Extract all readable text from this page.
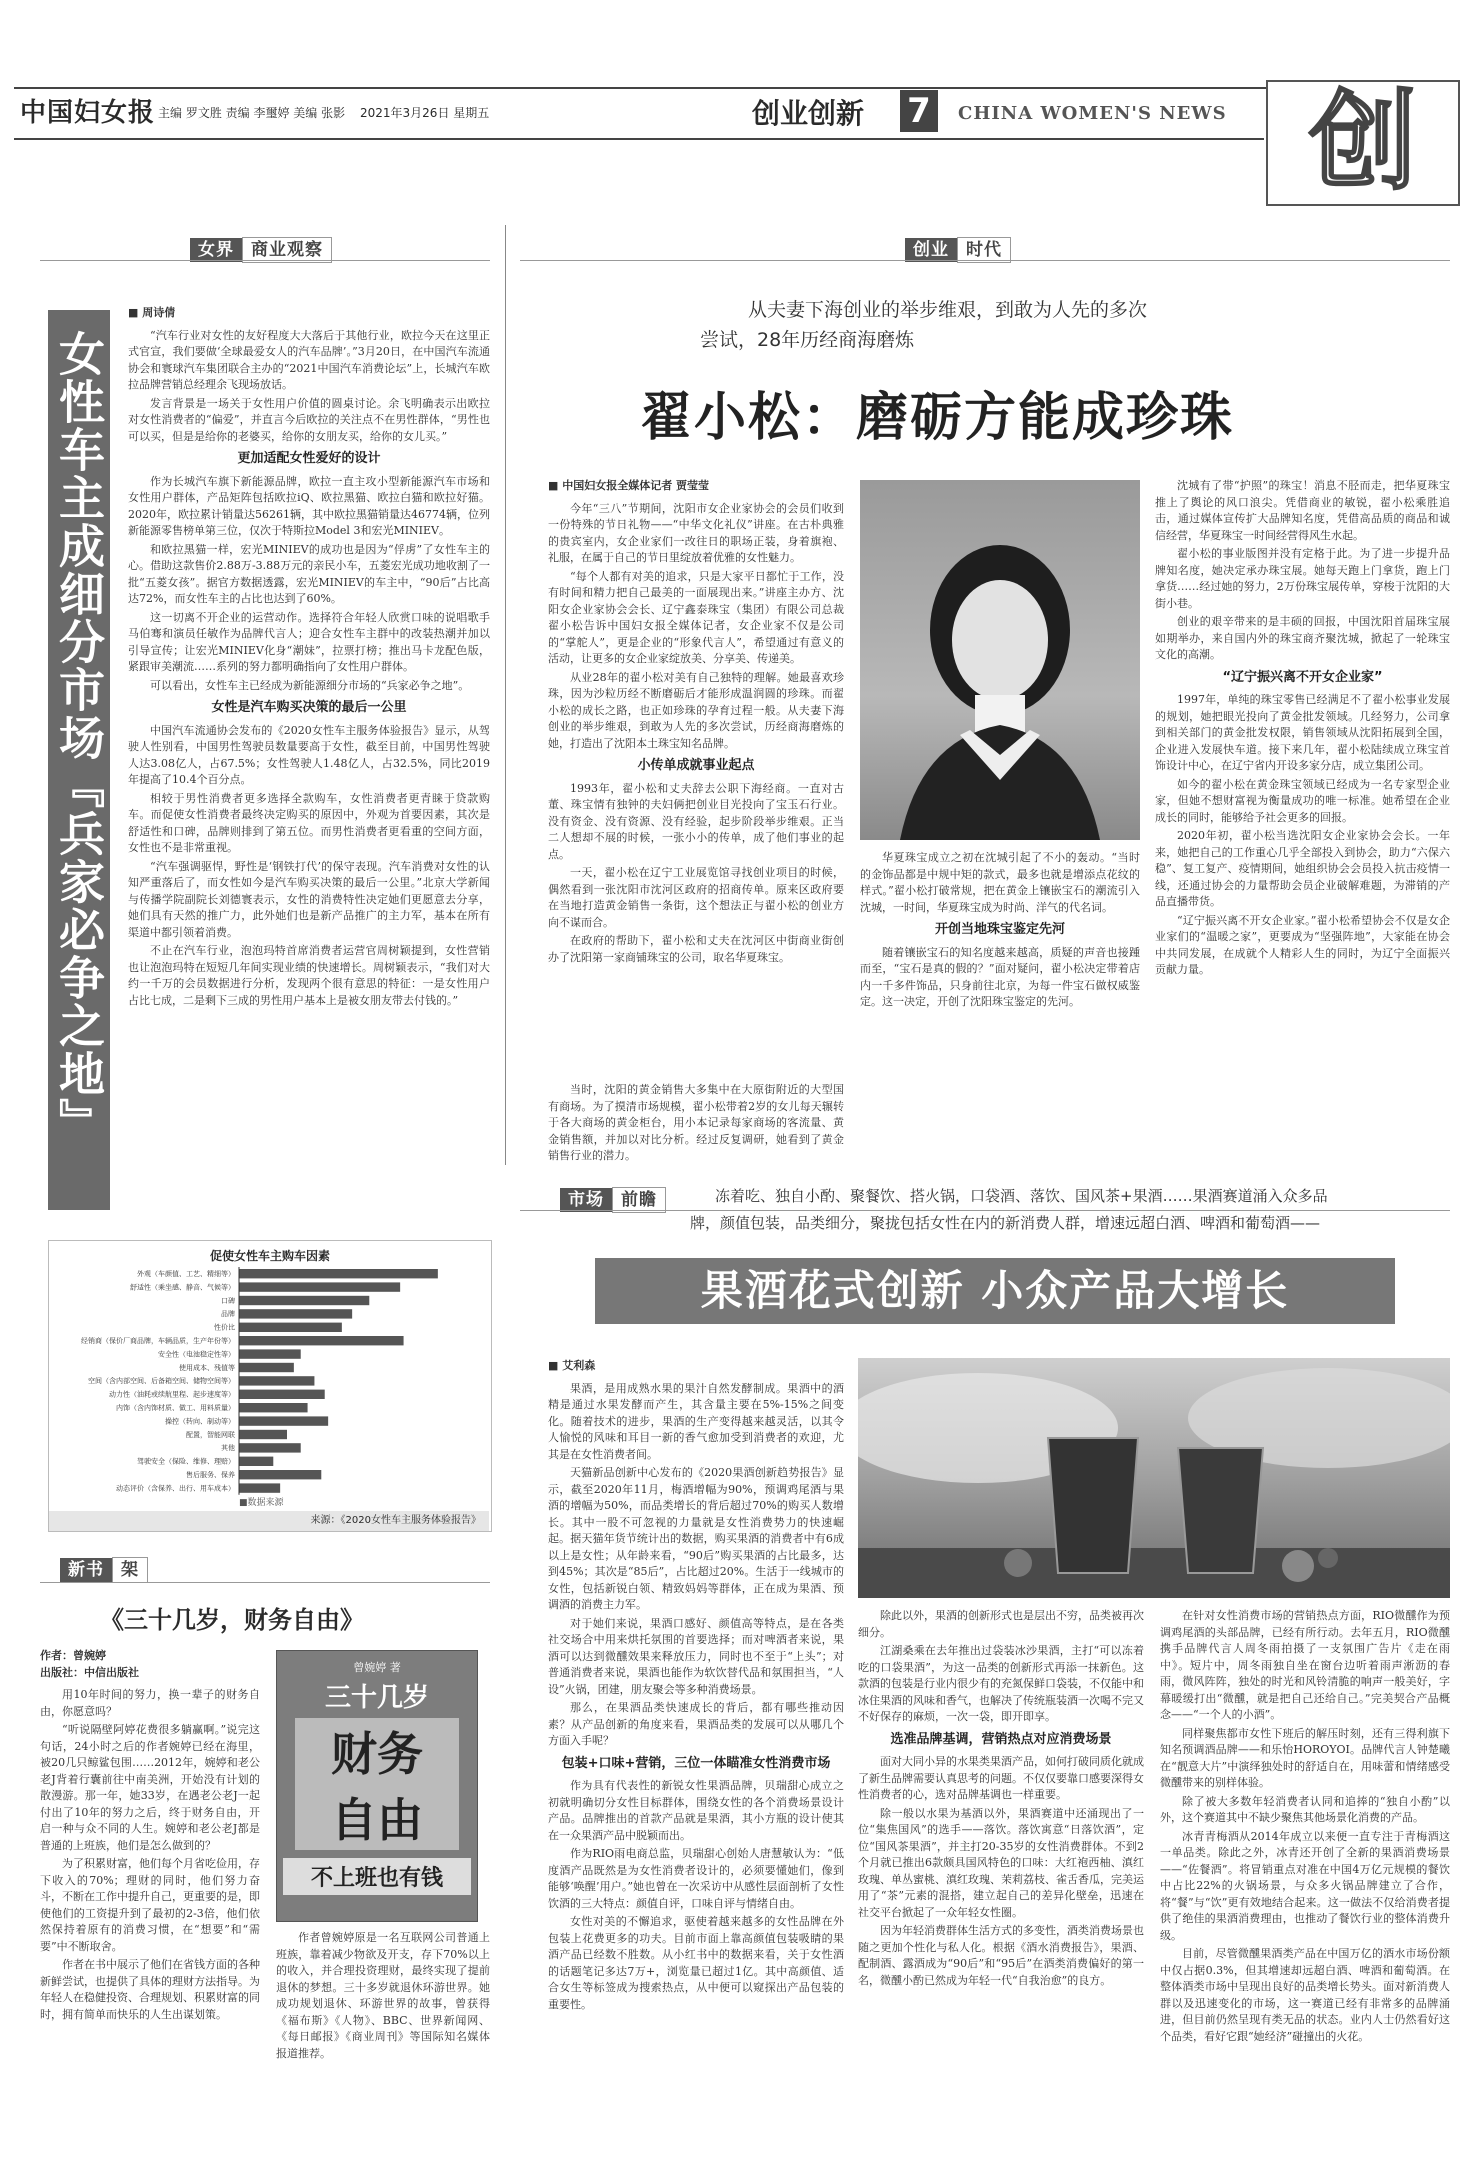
中国妇女报 主编 罗文胜 责编 李璽婷 美编 张影 2021年3月26日 星期五	创业创新 7	CHINA WOMEN'S NEWS 创
女界 商业观察
女性车主成细分市场『兵家必争之地』
■ 周诗倩

“汽车行业对女性的友好程度大大落后于其他行业，欧拉今天在这里正式官宣，我们要做‘全球最爱女人的汽车品牌’。”3月20日，在中国汽车流通协会和寰球汽车集团联合主办的“2021中国汽车消费论坛”上，长城汽车欧拉品牌营销总经理余飞现场放话。

发言背景是一场关于女性用户价值的圆桌讨论。余飞明确表示出欧拉对女性消费者的“偏爱”，并直言今后欧拉的关注点不在男性群体，“男性也可以买，但是是给你的老婆买，给你的女朋友买，给你的女儿买。”

更加适配女性爱好的设计

作为长城汽车旗下新能源品牌，欧拉一直主攻小型新能源汽车市场和女性用户群体，产品矩阵包括欧拉iQ、欧拉黑猫、欧拉白猫和欧拉好猫。2020年，欧拉累计销量达56261辆，其中欧拉黑猫销量达46774辆，位列新能源零售榜单第三位，仅次于特斯拉Model 3和宏光MINIEV。

和欧拉黑猫一样，宏光MINIEV的成功也是因为“俘虏”了女性车主的心。借助这款售价2.88万-3.88万元的亲民小车，五菱宏光成功地收割了一批“五菱女孩”。据官方数据透露，宏光MINIEV的车主中，“90后”占比高达72%，而女性车主的占比也达到了60%。

这一切离不开企业的运营动作。选择符合年轻人欣赏口味的说唱歌手马伯骞和演员任敏作为品牌代言人；迎合女性车主群中的改装热潮并加以引导宣传；让宏光MINIEV化身“潮妹”，拉票打榜；推出马卡龙配色版，紧跟审美潮流……系列的努力都明确指向了女性用户群体。

可以看出，女性车主已经成为新能源细分市场的“兵家必争之地”。

女性是汽车购买决策的最后一公里

中国汽车流通协会发布的《2020女性车主服务体验报告》显示，从驾驶人性别看，中国男性驾驶员数量要高于女性，截至目前，中国男性驾驶人达3.08亿人，占67.5%；女性驾驶人1.48亿人，占32.5%，同比2019年提高了10.4个百分点。

相较于男性消费者更多选择全款购车，女性消费者更青睐于贷款购车。而促使女性消费者最终决定购买的原因中，外观为首要因素，其次是舒适性和口碑，品牌则排到了第五位。而男性消费者更看重的空间方面，女性也不是非常重视。

“汽车强调驱悍，野性是‘钢铁打代’的保守表现。汽车消费对女性的认知严重落后了，而女性如今是汽车购买决策的最后一公里。”北京大学新闻与传播学院副院长刘德寰表示，女性的消费特性决定她们更愿意去分享，她们具有天然的推广力，此外她们也是新产品推广的主力军，基本在所有渠道中都引领着消费。

不止在汽车行业，泡泡玛特首席消费者运营官周树颖提到，女性营销也让泡泡玛特在短短几年间实现业绩的快速增长。周树颖表示，“我们对大约一千万的会员数据进行分析，发现两个很有意思的特征：一是女性用户占比七成，二是剩下三成的男性用户基本上是被女朋友带去付钱的。”

促使女性车主购车因素
外观（车颜值、工艺、精细等）
舒适性（乘坐感、静音、气候等）
口碑
品牌
性价比
经销商（保价厂商品牌，车辆品质，生产年份等）
安全性（电池稳定性等）
使用成本、残值等
空间（含内部空间、后备箱空间、储物空间等）
动力性（油耗或续航里程、起步速度等）
内饰（含内饰材质、做工、用料质量）
操控（转向、制动等）
配置，智能网联
其他
驾驶安全（保险、维修、理赔）
售后服务、保养
动态评价（含保养、出行、用车成本）
■数据来源
来源：《2020女性车主服务体验报告》
新书 架
《三十几岁，财务自由》
作者：曾婉婷
出版社：中信出版社

用10年时间的努力，换一辈子的财务自由，你愿意吗？

“听说隔壁阿婷花费很多躺赢啊。”说完这句话，24小时之后的作者婉婷已经在海里，被20几只鲸鲨包围……2012年，婉婷和老公老J背着行囊前往中南美洲，开始没有计划的散漫游。那一年，她33岁，在遇老公老J一起付出了10年的努力之后，终于财务自由，开启一种与众不同的人生。婉婷和老公老J都是普通的上班族，他们是怎么做到的？

为了积累财富，他们每个月省吃俭用，存下收入的70%；理财的同时，他们努力奋斗，不断在工作中提升自己，更重要的是，即使他们的工资提升到了最初的2-3倍，他们依然保持着原有的消费习惯，在“想要”和“需要”中不断取舍。

作者在书中展示了他们在省钱方面的各种新鲜尝试，也提供了具体的理财方法指导。为年轻人在稳健投资、合理规划、积累财富的同时，拥有简单而快乐的人生出谋划策。

曾婉婷 著
三十几岁
财务
自由
不上班也有钱

作者曾婉婷原是一名互联网公司普通上班族，靠着减少物欲及开支，存下70%以上的收入，并合理投资理财，最终实现了提前退休的梦想。三十多岁就退休环游世界。她成功规划退休、环游世界的故事，曾获得《福布斯》《人物》、BBC、世界新闻网、《每日邮报》《商业周刊》等国际知名媒体报道推荐。

创业 时代
从夫妻下海创业的举步维艰，到敢为人先的多次
尝试，28年历经商海磨炼
翟小松：磨砺方能成珍珠
■ 中国妇女报全媒体记者 贾莹莹

今年“三八”节期间，沈阳市女企业家协会的会员们收到一份特殊的节日礼物——“中华文化礼仪”讲座。在古朴典雅的贵宾室内，女企业家们一改往日的职场正装，身着旗袍、礼服，在属于自己的节日里绽放着优雅的女性魅力。

“每个人都有对美的追求，只是大家平日都忙于工作，没有时间和精力把自己最美的一面展现出来。”讲座主办方、沈阳女企业家协会会长、辽宁鑫泰珠宝（集团）有限公司总裁翟小松告诉中国妇女报全媒体记者，女企业家不仅是公司的“掌舵人”，更是企业的“形象代言人”，希望通过有意义的活动，让更多的女企业家绽放美、分享美、传递美。

从业28年的翟小松对美有自己独特的理解。她最喜欢珍珠，因为沙粒历经不断磨砺后才能形成温润圆的珍珠。而翟小松的成长之路，也正如珍珠的孕育过程一般。从夫妻下海创业的举步维艰，到敢为人先的多次尝试，历经商海磨炼的她，打造出了沈阳本土珠宝知名品牌。

小传单成就事业起点

1993年，翟小松和丈夫辞去公职下海经商。一直对古董、珠宝情有独钟的夫妇俩把创业目光投向了宝玉石行业。没有资金、没有资源、没有经验，起步阶段举步维艰。正当二人想却不展的时候，一张小小的传单，成了他们事业的起点。

一天，翟小松在辽宁工业展览馆寻找创业项目的时候，偶然看到一张沈阳市沈河区政府的招商传单。原来区政府要在当地打造黄金销售一条街，这个想法正与翟小松的创业方向不谋而合。

在政府的帮助下，翟小松和丈夫在沈河区中街商业街创办了沈阳第一家商铺珠宝的公司，取名华夏珠宝。

当时，沈阳的黄金销售大多集中在大原街附近的大型国有商场。为了摸清市场规模，翟小松带着2岁的女儿每天辗转于各大商场的黄金柜台，用小本记录每家商场的客流量、黄金销售额，并加以对比分析。经过反复调研，她看到了黄金销售行业的潜力。

华夏珠宝成立之初在沈城引起了不小的轰动。“当时的金饰品都是中规中矩的款式，最多也就是增添点花纹的样式。”翟小松打破常规，把在黄金上镶嵌宝石的潮流引入沈城，一时间，华夏珠宝成为时尚、洋气的代名词。

开创当地珠宝鉴定先河

随着镶嵌宝石的知名度越来越高，质疑的声音也接踵而至，“宝石是真的假的？”面对疑问，翟小松决定带着店内一千多件饰品，只身前往北京，为每一件宝石做权威鉴定。这一决定，开创了沈阳珠宝鉴定的先河。

沈城有了带“护照”的珠宝！消息不胫而走，把华夏珠宝推上了舆论的风口浪尖。凭借商业的敏锐，翟小松乘胜追击，通过媒体宣传扩大品牌知名度，凭借高品质的商品和诚信经营，华夏珠宝一时间经营得风生水起。

翟小松的事业版图并没有定格于此。为了进一步提升品牌知名度，她决定承办珠宝展。她每天跑上门拿货，跑上门拿货……经过她的努力，2万份珠宝展传单，穿梭于沈阳的大街小巷。

创业的艰辛带来的是丰硕的回报，中国沈阳首届珠宝展如期举办，来自国内外的珠宝商齐聚沈城，掀起了一轮珠宝文化的高潮。

“辽宁振兴离不开女企业家”

1997年，单纯的珠宝零售已经满足不了翟小松事业发展的规划，她把眼光投向了黄金批发领域。几经努力，公司拿到相关部门的黄金批发权限，销售领域从沈阳拓展到全国，企业进入发展快车道。接下来几年，翟小松陆续成立珠宝首饰设计中心，在辽宁省内开设多家分店，成立集团公司。

如今的翟小松在黄金珠宝领域已经成为一名专家型企业家，但她不想财富视为衡量成功的唯一标准。她希望在企业成长的同时，能够给予社会更多的回报。

2020年初，翟小松当选沈阳女企业家协会会长。一年来，她把自己的工作重心几乎全部投入到协会，助力“六保六稳”、复工复产、疫情期间，她组织协会会员投入抗击疫情一线，还通过协会的力量帮助会员企业破解难题，为滞销的产品直播带货。

“辽宁振兴离不开女企业家。”翟小松希望协会不仅是女企业家们的“温暖之家”，更要成为“坚强阵地”，大家能在协会中共同发展，在成就个人精彩人生的同时，为辽宁全面振兴贡献力量。

市场 前瞻	冻着吃、独自小酌、聚餐饮、搭火锅，口袋酒、落饮、国风茶+果酒……果酒赛道涌入众多品
牌，颜值包装，品类细分，聚拢包括女性在内的新消费人群，增速远超白酒、啤酒和葡萄酒——
果酒花式创新 小众产品大增长
■ 艾利森

果酒，是用成熟水果的果汁自然发酵制成。果酒中的酒精是通过水果发酵而产生，其含量主要在5%-15%之间变化。随着技术的进步，果酒的生产变得越来越灵活，以其令人愉悦的风味和耳目一新的香气愈加受到消费者的欢迎，尤其是在女性消费者间。

天猫新品创新中心发布的《2020果酒创新趋势报告》显示，截至2020年11月，梅酒增幅为90%，预调鸡尾酒与果酒的增幅为50%，而品类增长的背后超过70%的购买人数增长。其中一股不可忽视的力量就是女性消费势力的快速崛起。据天猫年货节统计出的数据，购买果酒的消费者中有6成以上是女性；从年龄来看，“90后”购买果酒的占比最多，达到45%；其次是“85后”，占比超过20%。生活于一线城市的女性，包括新锐白领、精致妈妈等群体，正在成为果酒、预调酒的消费主力军。

对于她们来说，果酒口感好、颜值高等特点，是在各类社交场合中用来烘托氛围的首要选择；而对啤酒者来说，果酒可以达到微醺效果来释放压力，同时也不至于“上头”；对普通消费者来说，果酒也能作为软饮替代品和氛围担当，“人设”火锅，团建，朋友聚会等多种消费场景。

那么，在果酒品类快速成长的背后，都有哪些推动因素？从产品创新的角度来看，果酒品类的发展可以从哪几个方面入手呢？

包装+口味+营销，三位一体瞄准女性消费市场

作为具有代表性的新锐女性果酒品牌，贝瑞甜心成立之初就明确切分女性目标群体，围绕女性的各个消费场景设计产品。品牌推出的首款产品就是果酒，其小方瓶的设计使其在一众果酒产品中脱颖而出。

作为RIO雨电商总监，贝瑞甜心创始人唐慧敏认为：“低度酒产品既然是为女性消费者设计的，必须要懂她们，像到能够‘唤醒’用户。”她也曾在一次采访中从感性层面剖析了女性饮酒的三大特点：颜值自评，口味自评与情绪自由。

女性对美的不懈追求，驱使着越来越多的女性品牌在外包装上花费更多的功夫。目前市面上靠高颜值包装吸睛的果酒产品已经数不胜数。从小红书中的数据来看，关于女性酒的话题笔记多达7万+，浏览量已超过1亿。其中高颜值、适合女生等标签成为搜索热点，从中便可以窥探出产品包装的重要性。

除此以外，果酒的创新形式也是层出不穷，品类被再次细分。

江湖桑乘在去年推出过袋装冰沙果酒，主打“可以冻着吃的口袋果酒”，为这一品类的创新形式再添一抹新色。这款酒的包装是行业内很少有的充氮保鲜口袋装，不仅能中和冰住果酒的风味和香气，也解决了传统瓶装酒一次喝不完又不好保存的麻烦，一次一袋，即开即享。

选准品牌基调，营销热点对应消费场景

面对大同小异的水果类果酒产品，如何打破同质化就成了新生品牌需要认真思考的问题。不仅仅要靠口感要深得女性消费者的心，选对品牌基调也一样重要。

除一般以水果为基酒以外，果酒赛道中还涌现出了一位“集焦国风”的选手——落饮。落饮寓意“日落饮酒”，定位“国风茶果酒”，并主打20-35岁的女性消费群体。不到2个月就已推出6款颇具国风特色的口味：大红袍西柚、滇红玫瑰、单丛蜜桃、滇红玫瑰、茉莉荔枝、雀舌香瓜，完美运用了“茶”元素的混搭，建立起自己的差异化壁垒，迅速在社交平台掀起了一众年轻女性圈。

因为年轻消费群体生活方式的多变性，酒类消费场景也随之更加个性化与私人化。根据《酒水消费报告》，果酒、配制酒、露酒成为“90后”和“95后”在酒类消费偏好的第一名，微醺小酌已然成为年轻一代“自我治愈”的良方。

在针对女性消费市场的营销热点方面，RIO微醺作为预调鸡尾酒的头部品牌，已经有所行动。去年五月，RIO微醺携手品牌代言人周冬雨拍摄了一支氛围广告片《走在雨中》。短片中，周冬雨独自坐在窗台边听着雨声淅沥的春雨，微风阵阵，独处的时光和风铃清脆的响声一般美好，字幕暖缓打出“微醺，就是把自己还给自己。”完美契合产品概念——“一个人的小酒”。

同样聚焦都市女性下班后的解压时刻，还有三得利旗下知名预调酒品牌——和乐怡HOROYOI。品牌代言人钟楚曦在“靓意大片”中演绎独处时的舒适自在，用味蕾和情绪感受微醺带来的别样体验。

除了被大多数年轻消费者认同和追捧的“独自小酌”以外，这个赛道其中不缺少聚焦其他场景化消费的产品。

冰青青梅酒从2014年成立以来便一直专注于青梅酒这一单品类。除此之外，冰青还开创了全新的果酒消费场景——“佐餐酒”。将冒销重点对准在中国4万亿元规模的餐饮中占比22%的火锅场景，与众多火锅品牌建立了合作，将“餐”与“饮”更有效地结合起来。这一做法不仅给消费者提供了绝佳的果酒消费理由，也推动了餐饮行业的整体消费升级。

目前，尽管微醺果酒类产品在中国万亿的酒水市场份额中仅占据0.3%，但其增速却远超白酒、啤酒和葡萄酒。在整体酒类市场中呈现出良好的品类增长势头。面对新消费人群以及迅速变化的市场，这一赛道已经有非常多的品牌涌进，但目前仍然呈现有类无品的状态。业内人士仍然看好这个品类，看好它跟“她经济”碰撞出的火花。
